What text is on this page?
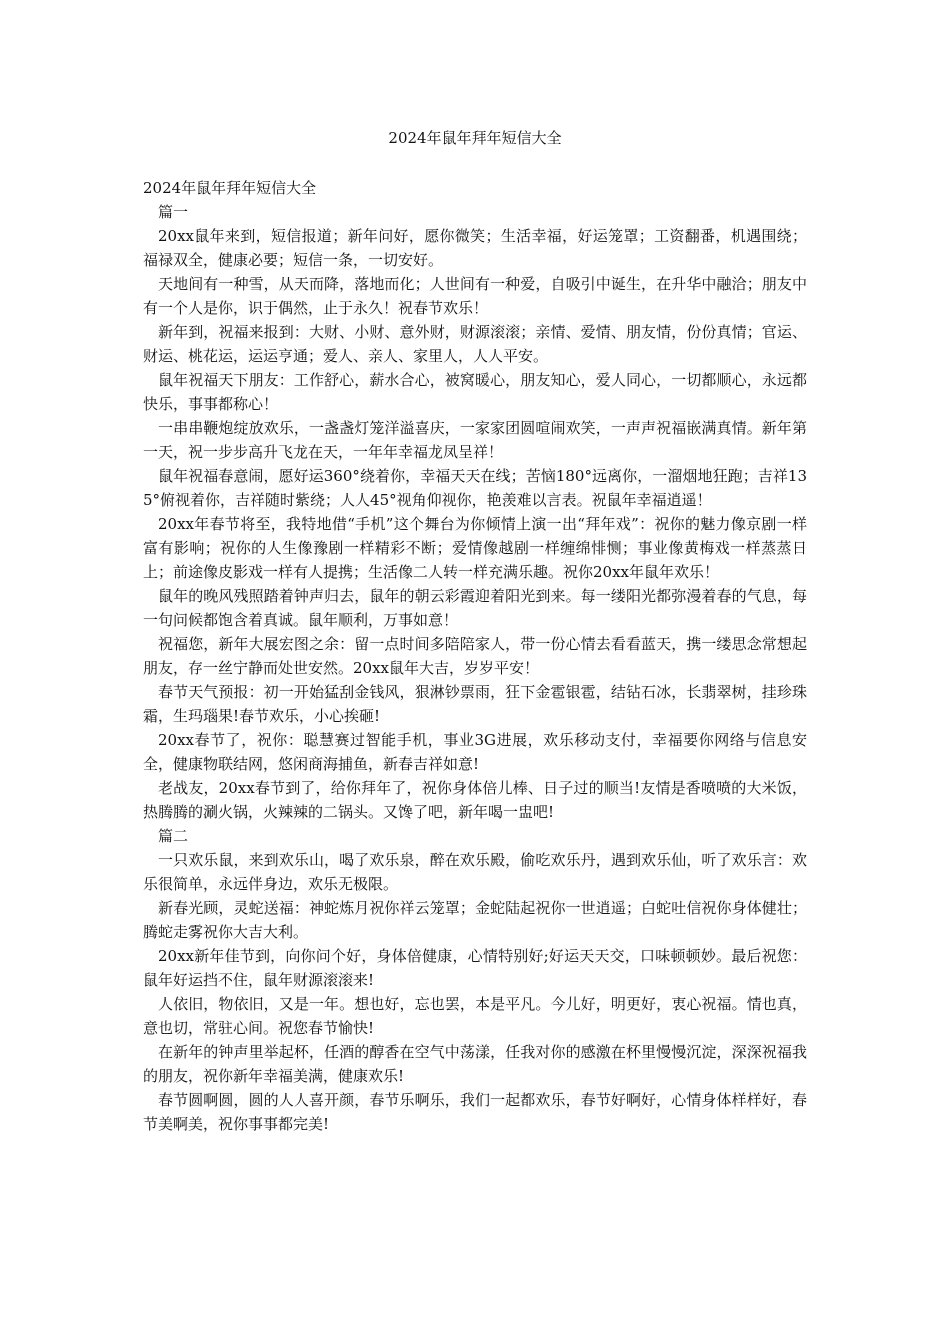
2024年鼠年拜年短信大全

2024年鼠年拜年短信大全

篇一

20xx鼠年来到，短信报道；新年问好，愿你微笑；生活幸福，好运笼罩；工资翻番，机遇围绕；福禄双全，健康必要；短信一条，一切安好。

天地间有一种雪，从天而降，落地而化；人世间有一种爱，自吸引中诞生，在升华中融洽；朋友中有一个人是你，识于偶然，止于永久！祝春节欢乐！

新年到，祝福来报到：大财、小财、意外财，财源滚滚；亲情、爱情、朋友情，份份真情；官运、财运、桃花运，运运亨通；爱人、亲人、家里人，人人平安。

鼠年祝福天下朋友：工作舒心，薪水合心，被窝暖心，朋友知心，爱人同心，一切都顺心，永远都快乐，事事都称心！

一串串鞭炮绽放欢乐，一盏盏灯笼洋溢喜庆，一家家团圆喧闹欢笑，一声声祝福嵌满真情。新年第一天，祝一步步高升飞龙在天，一年年幸福龙凤呈祥！

鼠年祝福春意闹，愿好运360°绕着你，幸福天天在线；苦恼180°远离你，一溜烟地狂跑；吉祥135°俯视着你，吉祥随时紫绕；人人45°视角仰视你，艳羡难以言表。祝鼠年幸福逍遥！

20xx年春节将至，我特地借“手机”这个舞台为你倾情上演一出“拜年戏”：祝你的魅力像京剧一样富有影响；祝你的人生像豫剧一样精彩不断；爱情像越剧一样缠绵悱恻；事业像黄梅戏一样蒸蒸日上；前途像皮影戏一样有人提携；生活像二人转一样充满乐趣。祝你20xx年鼠年欢乐！

鼠年的晚风残照踏着钟声归去，鼠年的朝云彩霞迎着阳光到来。每一缕阳光都弥漫着春的气息，每一句问候都饱含着真诚。鼠年顺利，万事如意！

祝福您，新年大展宏图之余：留一点时间多陪陪家人，带一份心情去看看蓝天，携一缕思念常想起朋友，存一丝宁静而处世安然。20xx鼠年大吉，岁岁平安！

春节天气预报：初一开始猛刮金钱风，狠淋钞票雨，狂下金雹银雹，结钻石冰，长翡翠树，挂珍珠霜，生玛瑙果!春节欢乐，小心挨砸!

20xx春节了，祝你：聪慧赛过智能手机，事业3G进展，欢乐移动支付，幸福要你网络与信息安全，健康物联结网，悠闲商海捕鱼，新春吉祥如意!

老战友，20xx春节到了，给你拜年了，祝你身体倍儿棒、日子过的顺当!友情是香喷喷的大米饭，热腾腾的涮火锅，火辣辣的二锅头。又馋了吧，新年喝一盅吧!

篇二

一只欢乐鼠，来到欢乐山，喝了欢乐泉，醉在欢乐殿，偷吃欢乐丹，遇到欢乐仙，听了欢乐言：欢乐很简单，永远伴身边，欢乐无极限。

新春光顾，灵蛇送福：神蛇炼月祝你祥云笼罩；金蛇陆起祝你一世逍遥；白蛇吐信祝你身体健壮；腾蛇走雾祝你大吉大利。

20xx新年佳节到，向你问个好，身体倍健康，心情特别好;好运天天交，口味顿顿妙。最后祝您：鼠年好运挡不住，鼠年财源滚滚来!

人依旧，物依旧，又是一年。想也好，忘也罢，本是平凡。今儿好，明更好，衷心祝福。情也真，意也切，常驻心间。祝您春节愉快!

在新年的钟声里举起杯，任酒的醇香在空气中荡漾，任我对你的感激在杯里慢慢沉淀，深深祝福我的朋友，祝你新年幸福美满，健康欢乐!

春节圆啊圆，圆的人人喜开颜，春节乐啊乐，我们一起都欢乐，春节好啊好，心情身体样样好，春节美啊美，祝你事事都完美!
